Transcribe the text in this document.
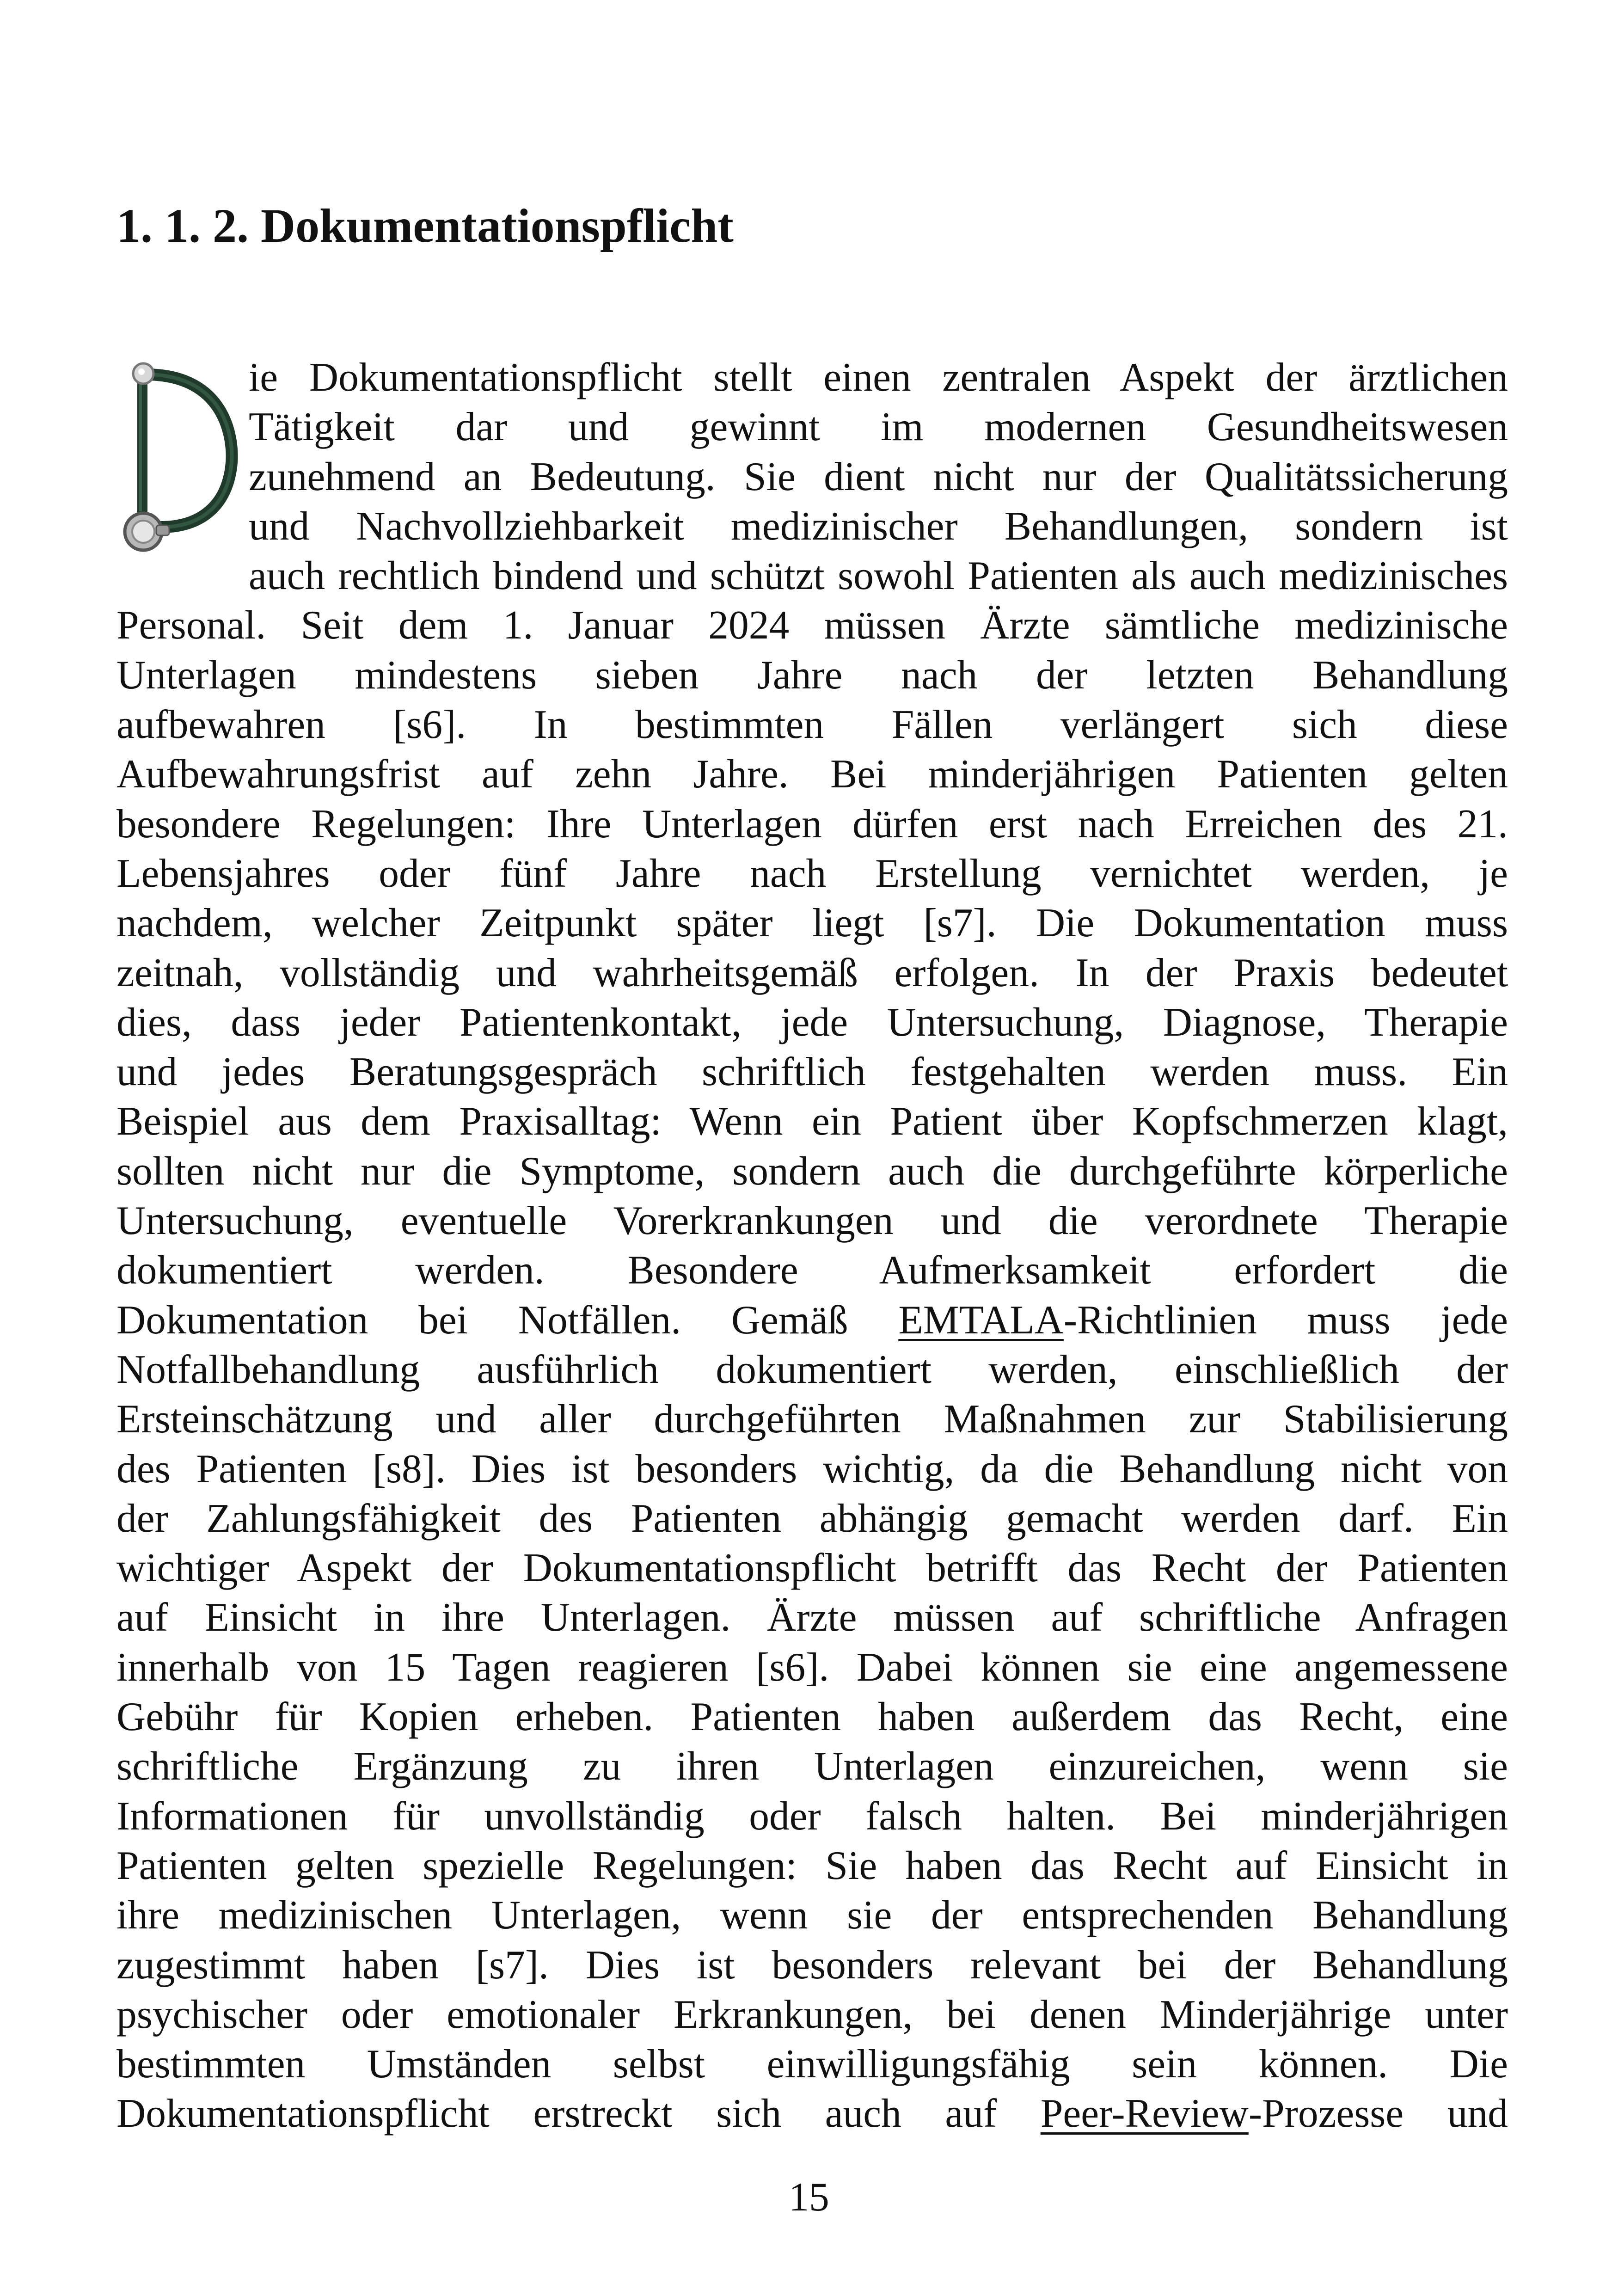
1. 1. 2. Dokumentationspflicht
ie Dokumentationspflicht stellt einen zentralen Aspekt der ärztlichen
Tätigkeit dar und gewinnt im modernen Gesundheitswesen
zunehmend an Bedeutung. Sie dient nicht nur der Qualitätssicherung
und Nachvollziehbarkeit medizinischer Behandlungen, sondern ist
auch rechtlich bindend und schützt sowohl Patienten als auch medizinisches
Personal. Seit dem 1. Januar 2024 müssen Ärzte sämtliche medizinische
Unterlagen mindestens sieben Jahre nach der letzten Behandlung
aufbewahren [s6]. In bestimmten Fällen verlängert sich diese
Aufbewahrungsfrist auf zehn Jahre. Bei minderjährigen Patienten gelten
besondere Regelungen: Ihre Unterlagen dürfen erst nach Erreichen des 21.
Lebensjahres oder fünf Jahre nach Erstellung vernichtet werden, je
nachdem, welcher Zeitpunkt später liegt [s7]. Die Dokumentation muss
zeitnah, vollständig und wahrheitsgemäß erfolgen. In der Praxis bedeutet
dies, dass jeder Patientenkontakt, jede Untersuchung, Diagnose, Therapie
und jedes Beratungsgespräch schriftlich festgehalten werden muss. Ein
Beispiel aus dem Praxisalltag: Wenn ein Patient über Kopfschmerzen klagt,
sollten nicht nur die Symptome, sondern auch die durchgeführte körperliche
Untersuchung, eventuelle Vorerkrankungen und die verordnete Therapie
dokumentiert werden. Besondere Aufmerksamkeit erfordert die
Dokumentation bei Notfällen. Gemäß EMTALA-Richtlinien muss jede
Notfallbehandlung ausführlich dokumentiert werden, einschließlich der
Ersteinschätzung und aller durchgeführten Maßnahmen zur Stabilisierung
des Patienten [s8]. Dies ist besonders wichtig, da die Behandlung nicht von
der Zahlungsfähigkeit des Patienten abhängig gemacht werden darf. Ein
wichtiger Aspekt der Dokumentationspflicht betrifft das Recht der Patienten
auf Einsicht in ihre Unterlagen. Ärzte müssen auf schriftliche Anfragen
innerhalb von 15 Tagen reagieren [s6]. Dabei können sie eine angemessene
Gebühr für Kopien erheben. Patienten haben außerdem das Recht, eine
schriftliche Ergänzung zu ihren Unterlagen einzureichen, wenn sie
Informationen für unvollständig oder falsch halten. Bei minderjährigen
Patienten gelten spezielle Regelungen: Sie haben das Recht auf Einsicht in
ihre medizinischen Unterlagen, wenn sie der entsprechenden Behandlung
zugestimmt haben [s7]. Dies ist besonders relevant bei der Behandlung
psychischer oder emotionaler Erkrankungen, bei denen Minderjährige unter
bestimmten Umständen selbst einwilligungsfähig sein können. Die
Dokumentationspflicht erstreckt sich auch auf Peer-Review-Prozesse und
15
